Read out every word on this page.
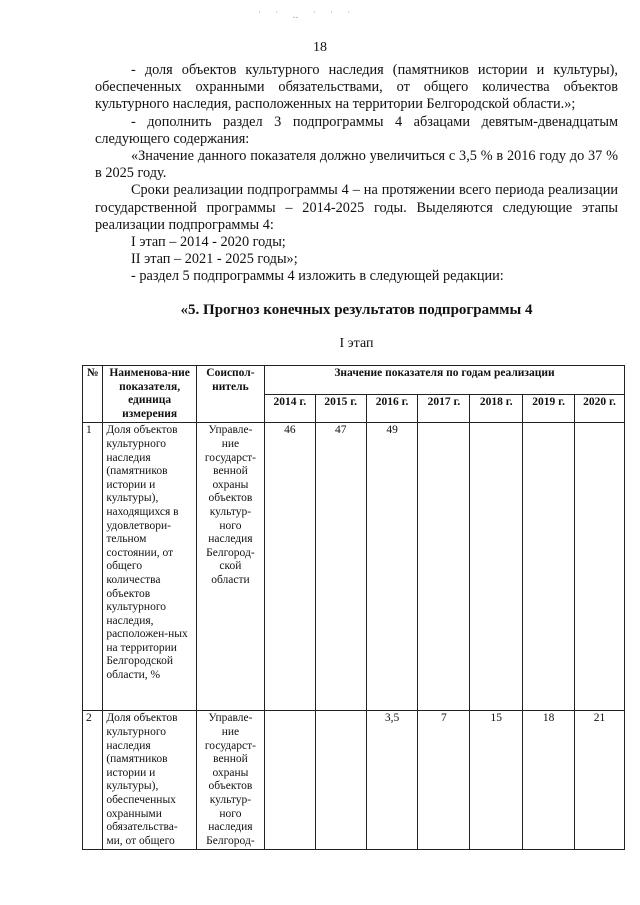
˙ ˙ ‥ ˙ ˙ ˙
18

- доля объектов культурного наследия (памятников истории и культуры), обеспеченных охранными обязательствами, от общего количества объектов культурного наследия, расположенных на территории Белгородской области.»;

- дополнить раздел 3 подпрограммы 4 абзацами девятым-двенадцатым следующего содержания:

«Значение данного показателя должно увеличиться с 3,5 % в 2016 году до 37 % в 2025 году.

Сроки реализации подпрограммы 4 – на протяжении всего периода реализации государственной программы – 2014-2025 годы. Выделяются следующие этапы реализации подпрограммы 4:

I этап – 2014 - 2020 годы;

II этап – 2021 - 2025 годы»;

- раздел 5 подпрограммы 4 изложить в следующей редакции:

«5. Прогноз конечных результатов подпрограммы 4
I этап
№	Наименова-ние показателя, единица измерения	Соиспол-нитель	Значение показателя по годам реализации						
			2014 г.	2015 г.	2016 г.	2017 г.	2018 г.	2019 г.	2020 г.
1	Доля объектов культурного наследия (памятников истории и культуры), находящихся в удовлетвори-тельном состоянии, от общего количества объектов культурного наследия, расположен-ных на территории Белгородской области, %	Управле-ние государст-венной охраны объектов культур-ного наследия Белгород-ской области	46	47	49				
2	Доля объектов культурного наследия (памятников истории и культуры), обеспеченных охранными обязательства-ми, от общего	Управле-ние государст-венной охраны объектов культур-ного наследия Белгород-			3,5	7	15	18	21
